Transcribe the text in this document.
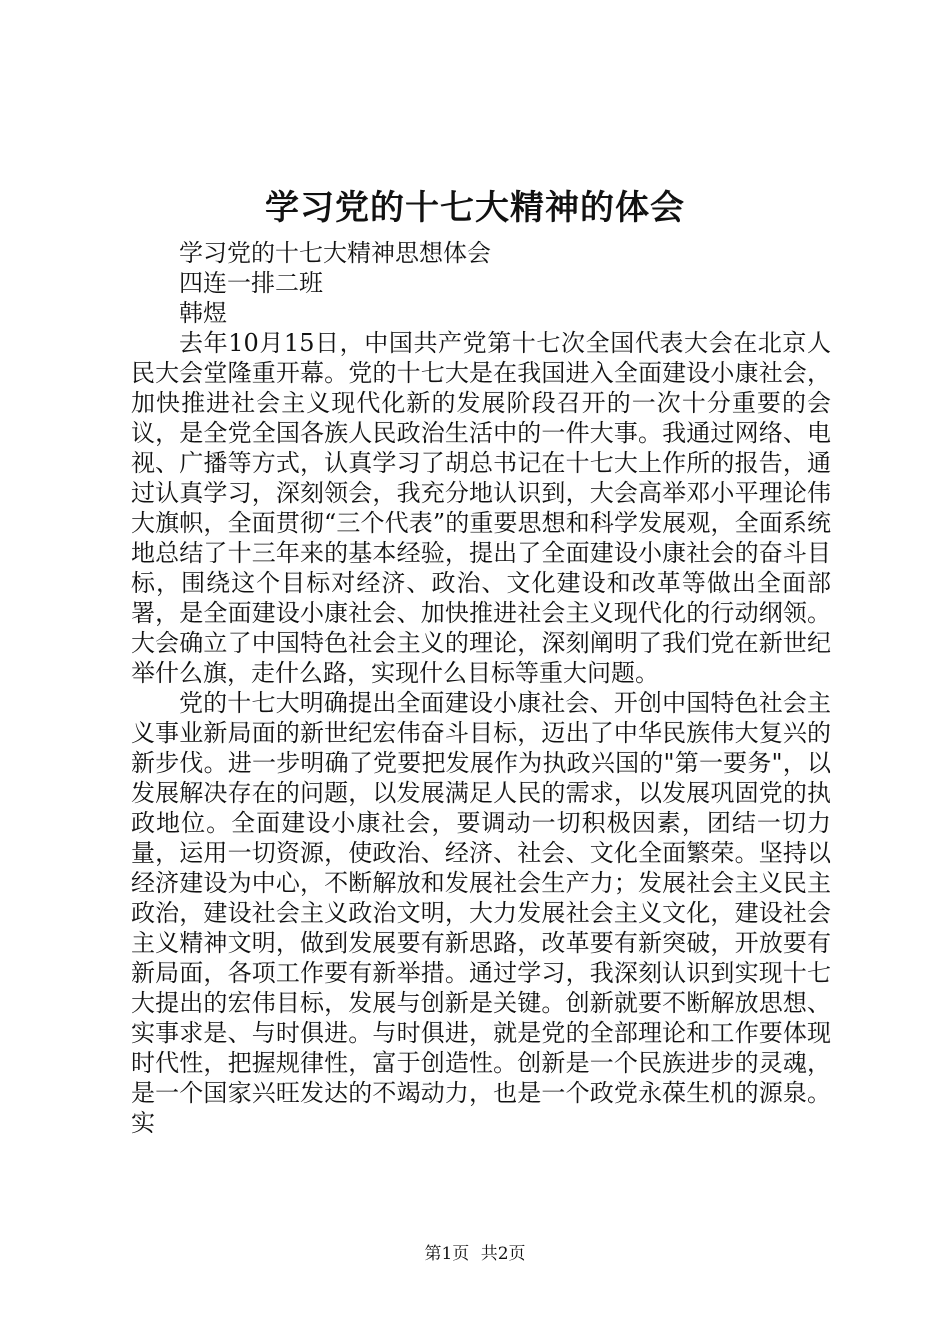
学习党的十七大精神的体会

学习党的十七大精神思想体会

四连一排二班

韩煜

去年10月15日，中国共产党第十七次全国代表大会在北京人民大会堂隆重开幕。党的十七大是在我国进入全面建设小康社会，加快推进社会主义现代化新的发展阶段召开的一次十分重要的会议，是全党全国各族人民政治生活中的一件大事。我通过网络、电视、广播等方式，认真学习了胡总书记在十七大上作所的报告，通过认真学习，深刻领会，我充分地认识到，大会高举邓小平理论伟大旗帜，全面贯彻“三个代表”的重要思想和科学发展观，全面系统地总结了十三年来的基本经验，提出了全面建设小康社会的奋斗目标，围绕这个目标对经济、政治、文化建设和改革等做出全面部署，是全面建设小康社会、加快推进社会主义现代化的行动纲领。大会确立了中国特色社会主义的理论，深刻阐明了我们党在新世纪举什么旗，走什么路，实现什么目标等重大问题。

党的十七大明确提出全面建设小康社会、开创中国特色社会主义事业新局面的新世纪宏伟奋斗目标，迈出了中华民族伟大复兴的新步伐。进一步明确了党要把发展作为执政兴国的"第一要务"，以发展解决存在的问题，以发展满足人民的需求，以发展巩固党的执政地位。全面建设小康社会，要调动一切积极因素，团结一切力量，运用一切资源，使政治、经济、社会、文化全面繁荣。坚持以经济建设为中心，不断解放和发展社会生产力；发展社会主义民主政治，建设社会主义政治文明，大力发展社会主义文化，建设社会主义精神文明，做到发展要有新思路，改革要有新突破，开放要有新局面，各项工作要有新举措。通过学习，我深刻认识到实现十七大提出的宏伟目标，发展与创新是关键。创新就要不断解放思想、实事求是、与时俱进。与时俱进，就是党的全部理论和工作要体现时代性，把握规律性，富于创造性。创新是一个民族进步的灵魂，是一个国家兴旺发达的不竭动力，也是一个政党永葆生机的源泉。实

第1页 共2页
